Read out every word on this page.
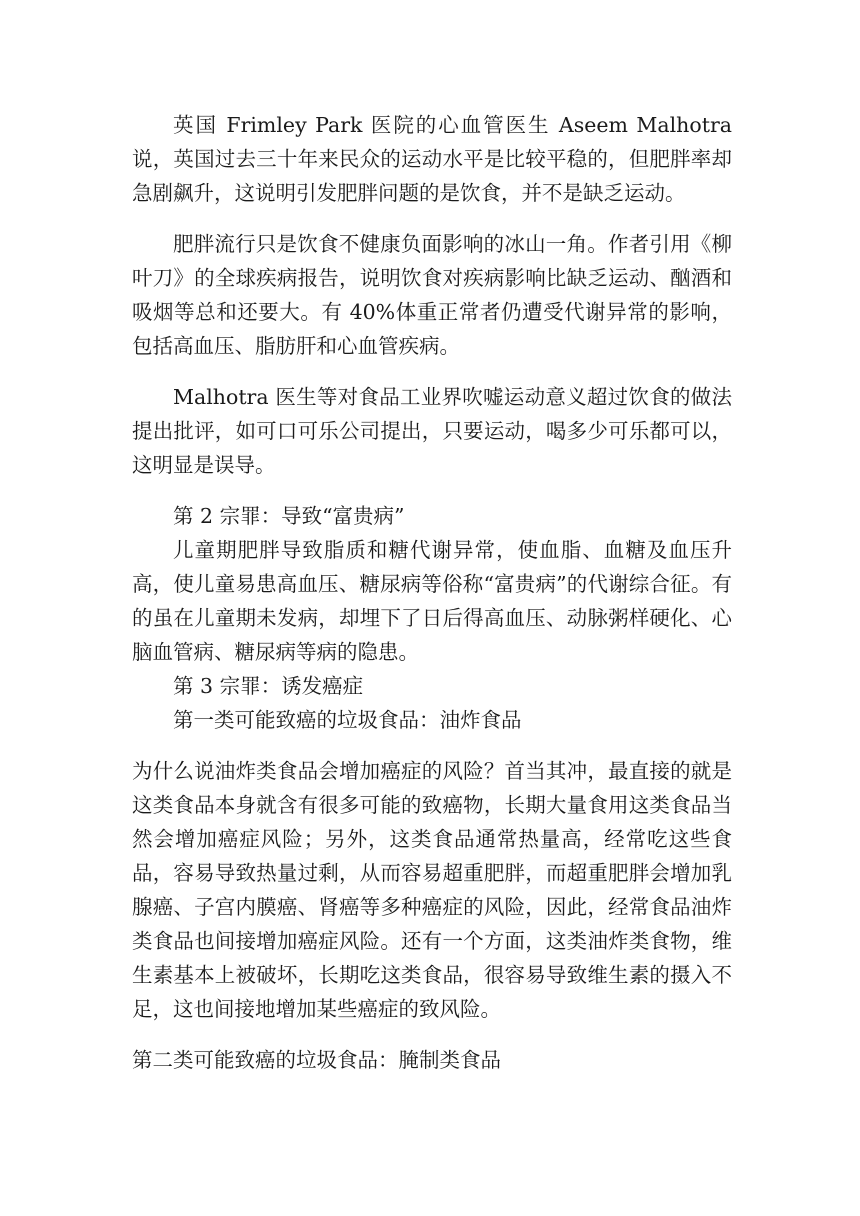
英国 Frimley Park 医院的心血管医生 Aseem Malhotra 说，英国过去三十年来民众的运动水平是比较平稳的，但肥胖率却急剧飙升，这说明引发肥胖问题的是饮食，并不是缺乏运动。

肥胖流行只是饮食不健康负面影响的冰山一角。作者引用《柳叶刀》的全球疾病报告，说明饮食对疾病影响比缺乏运动、酗酒和吸烟等总和还要大。有 40%体重正常者仍遭受代谢异常的影响，包括高血压、脂肪肝和心血管疾病。

Malhotra 医生等对食品工业界吹嘘运动意义超过饮食的做法提出批评，如可口可乐公司提出，只要运动，喝多少可乐都可以，这明显是误导。

第 2 宗罪：导致“富贵病”

儿童期肥胖导致脂质和糖代谢异常，使血脂、血糖及血压升高，使儿童易患高血压、糖尿病等俗称“富贵病”的代谢综合征。有的虽在儿童期未发病，却埋下了日后得高血压、动脉粥样硬化、心脑血管病、糖尿病等病的隐患。

第 3 宗罪：诱发癌症

第一类可能致癌的垃圾食品：油炸食品

为什么说油炸类食品会增加癌症的风险？首当其冲，最直接的就是这类食品本身就含有很多可能的致癌物，长期大量食用这类食品当然会增加癌症风险；另外，这类食品通常热量高，经常吃这些食品，容易导致热量过剩，从而容易超重肥胖，而超重肥胖会增加乳腺癌、子宫内膜癌、肾癌等多种癌症的风险，因此，经常食品油炸类食品也间接增加癌症风险。还有一个方面，这类油炸类食物，维生素基本上被破坏，长期吃这类食品，很容易导致维生素的摄入不足，这也间接地增加某些癌症的致风险。

第二类可能致癌的垃圾食品：腌制类食品
